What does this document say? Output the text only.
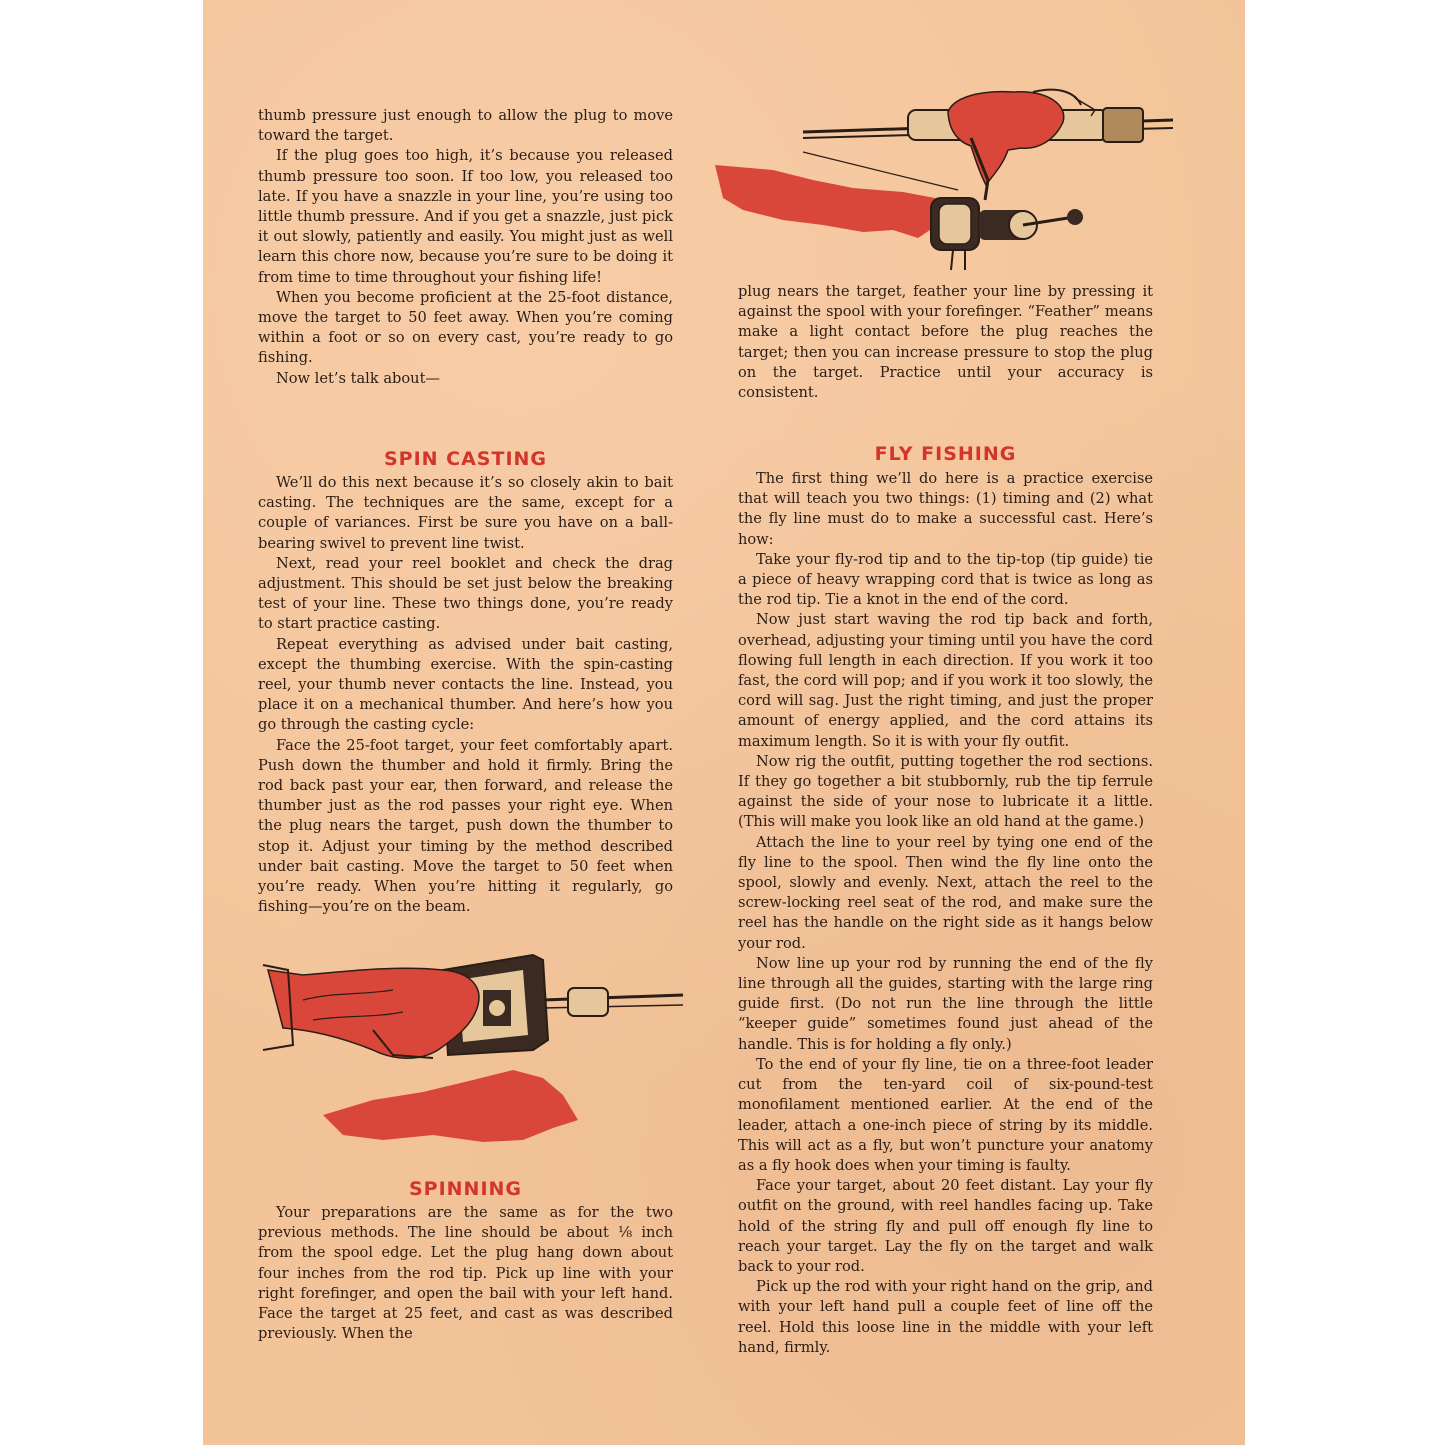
thumb pressure just enough to allow the plug to move toward the target.

If the plug goes too high, it’s because you released thumb pressure too soon. If too low, you released too late. If you have a snazzle in your line, you’re using too little thumb pressure. And if you get a snazzle, just pick it out slowly, patiently and easily. You might just as well learn this chore now, because you’re sure to be doing it from time to time throughout your fishing life!

When you become proficient at the 25-foot distance, move the target to 50 feet away. When you’re coming within a foot or so on every cast, you’re ready to go fishing.

Now let’s talk about—

plug nears the target, feather your line by pressing it against the spool with your forefinger. “Feather” means make a light contact before the plug reaches the target; then you can increase pressure to stop the plug on the target. Practice until your accuracy is consistent.

SPIN CASTING

We’ll do this next because it’s so closely akin to bait casting. The techniques are the same, except for a couple of variances. First be sure you have on a ball-bearing swivel to prevent line twist.

Next, read your reel booklet and check the drag adjustment. This should be set just below the breaking test of your line. These two things done, you’re ready to start practice casting.

Repeat everything as advised under bait casting, except the thumbing exercise. With the spin-casting reel, your thumb never contacts the line. Instead, you place it on a mechanical thumber. And here’s how you go through the casting cycle:

Face the 25-foot target, your feet comfortably apart. Push down the thumber and hold it firmly. Bring the rod back past your ear, then forward, and release the thumber just as the rod passes your right eye. When the plug nears the target, push down the thumber to stop it. Adjust your timing by the method described under bait casting. Move the target to 50 feet when you’re ready. When you’re hitting it regularly, go fishing—you’re on the beam.

SPINNING

Your preparations are the same as for the two previous methods. The line should be about ⅛ inch from the spool edge. Let the plug hang down about four inches from the rod tip. Pick up line with your right forefinger, and open the bail with your left hand. Face the target at 25 feet, and cast as was described previously. When the

FLY FISHING

The first thing we’ll do here is a practice exercise that will teach you two things: (1) timing and (2) what the fly line must do to make a successful cast. Here’s how:

Take your fly-rod tip and to the tip-top (tip guide) tie a piece of heavy wrapping cord that is twice as long as the rod tip. Tie a knot in the end of the cord.

Now just start waving the rod tip back and forth, overhead, adjusting your timing until you have the cord flowing full length in each direction. If you work it too fast, the cord will pop; and if you work it too slowly, the cord will sag. Just the right timing, and just the proper amount of energy applied, and the cord attains its maximum length. So it is with your fly outfit.

Now rig the outfit, putting together the rod sections. If they go together a bit stubbornly, rub the tip ferrule against the side of your nose to lubricate it a little. (This will make you look like an old hand at the game.)

Attach the line to your reel by tying one end of the fly line to the spool. Then wind the fly line onto the spool, slowly and evenly. Next, attach the reel to the screw-locking reel seat of the rod, and make sure the reel has the handle on the right side as it hangs below your rod.

Now line up your rod by running the end of the fly line through all the guides, starting with the large ring guide first. (Do not run the line through the little “keeper guide” sometimes found just ahead of the handle. This is for holding a fly only.)

To the end of your fly line, tie on a three-foot leader cut from the ten-yard coil of six-pound-test monofilament mentioned earlier. At the end of the leader, attach a one-inch piece of string by its middle. This will act as a fly, but won’t puncture your anatomy as a fly hook does when your timing is faulty.

Face your target, about 20 feet distant. Lay your fly outfit on the ground, with reel handles facing up. Take hold of the string fly and pull off enough fly line to reach your target. Lay the fly on the target and walk back to your rod.

Pick up the rod with your right hand on the grip, and with your left hand pull a couple feet of line off the reel. Hold this loose line in the middle with your left hand, firmly.
